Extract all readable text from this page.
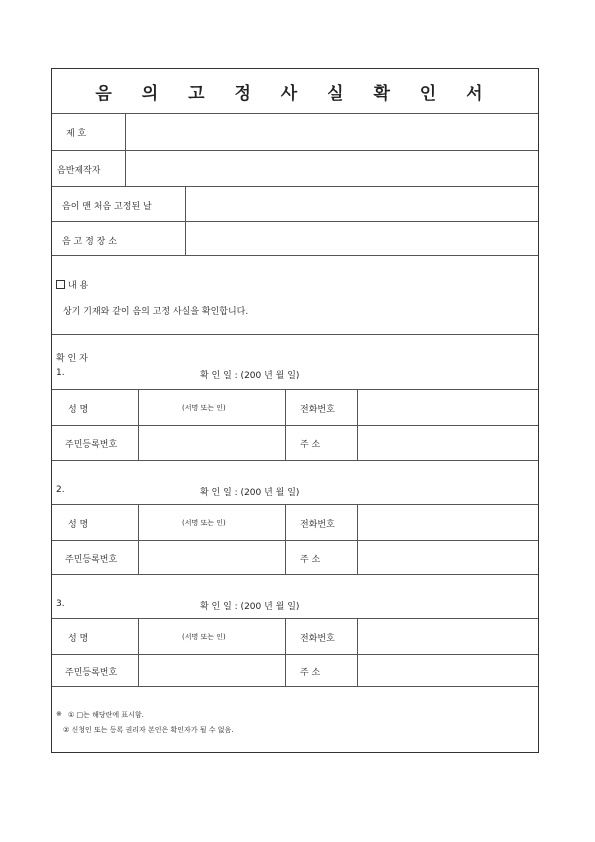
음 의 고 정 사 실 확 인 서
제 호
음반제작자
음이 맨 처음 고정된 날
음 고 정 장 소
내 용
상기 기재와 같이 음의 고정 사실을 확인합니다.
확 인 자
1.	확 인 일 : (200 년 월 일)
성 명	(서명 또는 인)	전화번호
주민등록번호	주 소
2.	확 인 일 : (200 년 월 일)
성 명	(서명 또는 인)	전화번호
주민등록번호	주 소
3.	확 인 일 : (200 년 월 일)
성 명	(서명 또는 인)	전화번호
주민등록번호	주 소
※ ① □는 해당란에 표시함.
② 신청인 또는 등록 권리자 본인은 확인자가 될 수 없음.
